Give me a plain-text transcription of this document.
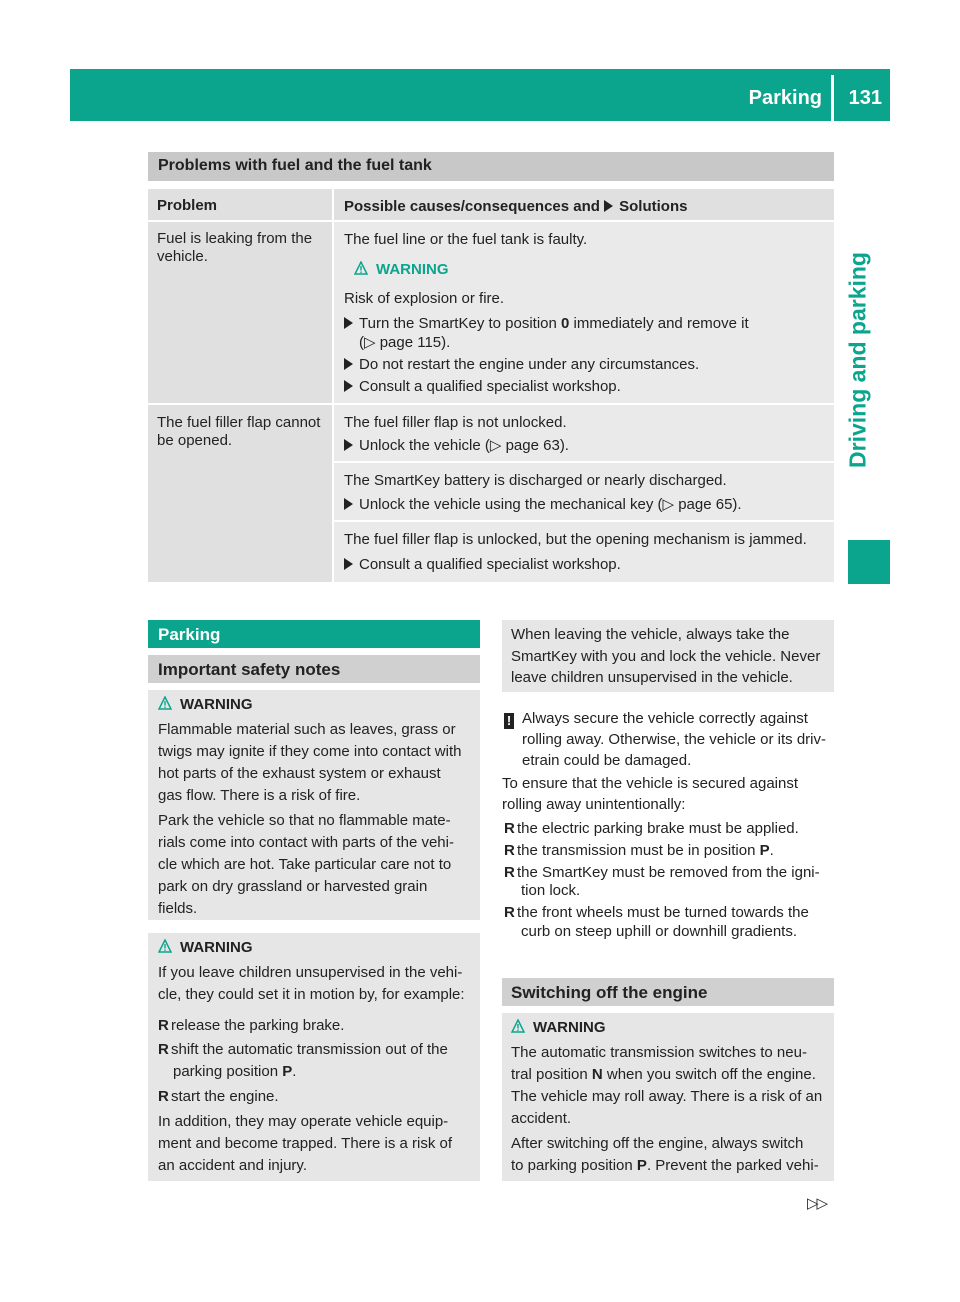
Parking 131
Driving and parking
Problems with fuel and the fuel tank
Problem	Possible causes/consequences and Solutions
Fuel is leaking from the
vehicle.
The fuel line or the fuel tank is faulty.
WARNING
Risk of explosion or fire.
Turn the SmartKey to position 0 immediately and remove it
(▷ page 115).
Do not restart the engine under any circumstances.
Consult a qualified specialist workshop.
The fuel filler flap cannot
be opened.
The fuel filler flap is not unlocked.
Unlock the vehicle (▷ page 63).
The SmartKey battery is discharged or nearly discharged.
Unlock the vehicle using the mechanical key (▷ page 65).
The fuel filler flap is unlocked, but the opening mechanism is jammed.
Consult a qualified specialist workshop.
Parking
Important safety notes
WARNING
Flammable material such as leaves, grass or
twigs may ignite if they come into contact with
hot parts of the exhaust system or exhaust
gas flow. There is a risk of fire.
Park the vehicle so that no flammable mate-
rials come into contact with parts of the vehi-
cle which are hot. Take particular care not to
park on dry grassland or harvested grain
fields.
WARNING
If you leave children unsupervised in the vehi-
cle, they could set it in motion by, for example:
R release the parking brake.
R shift the automatic transmission out of the
parking position P.
R start the engine.
In addition, they may operate vehicle equip-
ment and become trapped. There is a risk of
an accident and injury.
When leaving the vehicle, always take the
SmartKey with you and lock the vehicle. Never
leave children unsupervised in the vehicle.
! Always secure the vehicle correctly against
rolling away. Otherwise, the vehicle or its driv-
etrain could be damaged.
To ensure that the vehicle is secured against
rolling away unintentionally:
R the electric parking brake must be applied.
R the transmission must be in position P.
R the SmartKey must be removed from the igni-
tion lock.
R the front wheels must be turned towards the
curb on steep uphill or downhill gradients.
Switching off the engine
WARNING
The automatic transmission switches to neu-
tral position N when you switch off the engine.
The vehicle may roll away. There is a risk of an
accident.
After switching off the engine, always switch
to parking position P. Prevent the parked vehi-
▷▷
